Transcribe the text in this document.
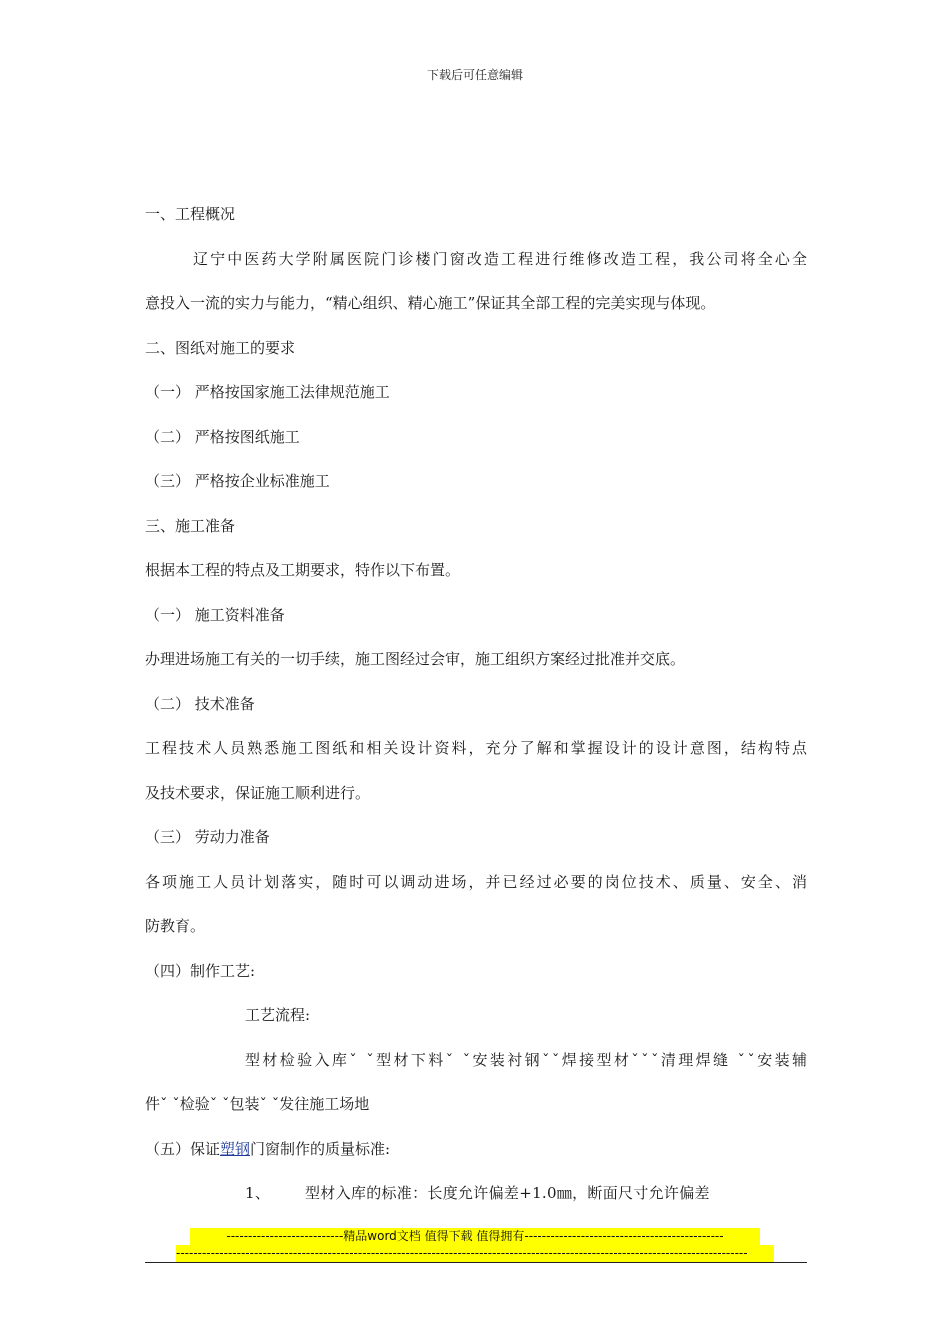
下载后可任意编辑
一、工程概况
辽宁中医药大学附属医院门诊楼门窗改造工程进行维修改造工程，我公司将全心全
意投入一流的实力与能力，“精心组织、精心施工”保证其全部工程的完美实现与体现。
二、图纸对施工的要求
（一） 严格按国家施工法律规范施工
（二） 严格按图纸施工
（三） 严格按企业标准施工
三、施工准备
根据本工程的特点及工期要求，特作以下布置。
（一） 施工资料准备
办理进场施工有关的一切手续，施工图经过会审，施工组织方案经过批准并交底。
（二） 技术准备
工程技术人员熟悉施工图纸和相关设计资料，充分了解和掌握设计的设计意图，结构特点
及技术要求，保证施工顺利进行。
（三） 劳动力准备
各项施工人员计划落实，随时可以调动进场，并已经过必要的岗位技术、质量、安全、消
防教育。
（四）制作工艺:
工艺流程:
型材检验入库ˇ ˇ型材下料ˇ ˇ安装衬钢ˇˇ焊接型材ˇˇˇ清理焊缝 ˇˇ安装辅
件ˇ ˇ检验ˇ ˇ包装ˇ ˇ发往施工场地
（五）保证塑钢门窗制作的质量标准:
1、 型材入库的标准：长度允许偏差+1.0㎜，断面尺寸允许偏差
---------------------------精品word文档 值得下载 值得拥有----------------------------------------------
------------------------------------------------------------------------------------------------------------------------------------
